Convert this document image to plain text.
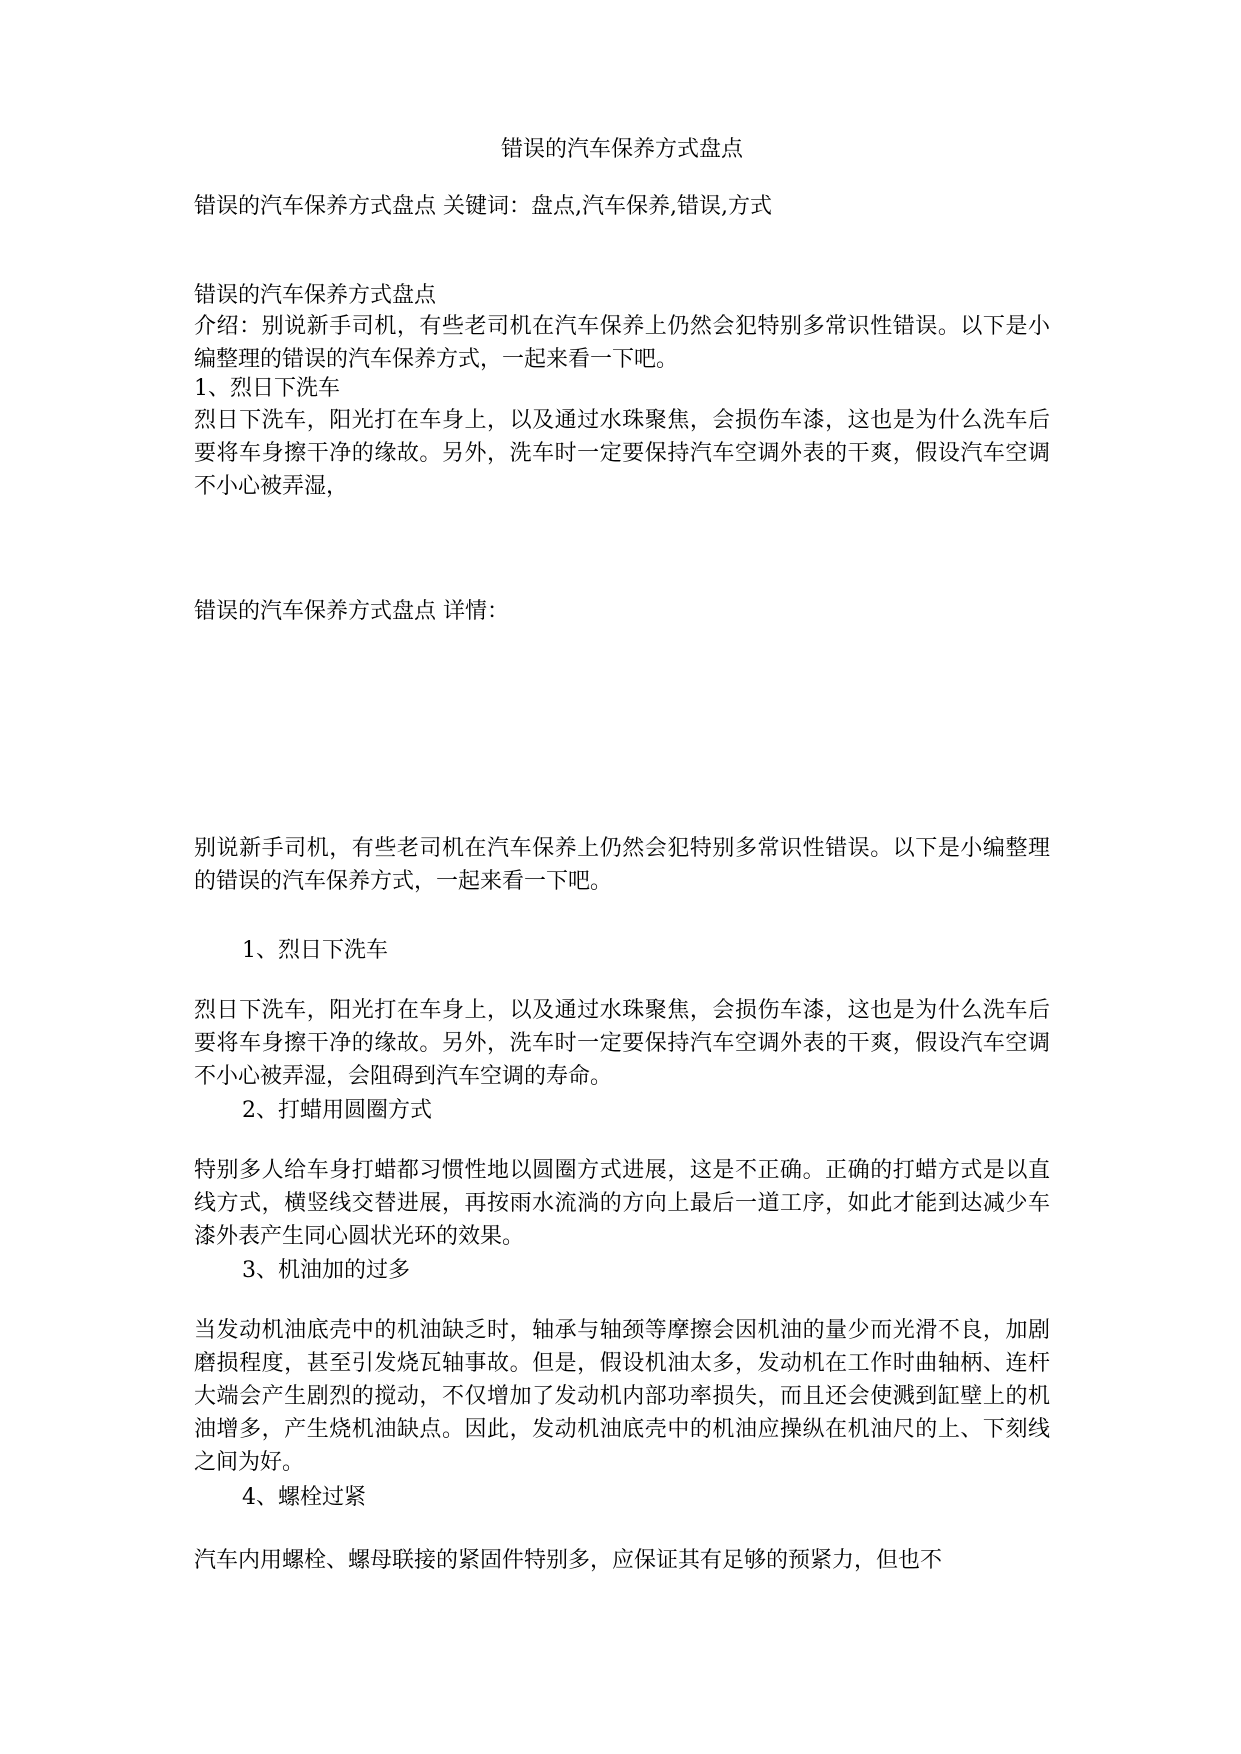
错误的汽车保养方式盘点
错误的汽车保养方式盘点 关键词：盘点,汽车保养,错误,方式
错误的汽车保养方式盘点
介绍：别说新手司机，有些老司机在汽车保养上仍然会犯特别多常识性错误。以下是小编整理的错误的汽车保养方式，一起来看一下吧。
1、烈日下洗车
烈日下洗车，阳光打在车身上，以及通过水珠聚焦，会损伤车漆，这也是为什么洗车后要将车身擦干净的缘故。另外，洗车时一定要保持汽车空调外表的干爽，假设汽车空调不小心被弄湿，
错误的汽车保养方式盘点 详情：
别说新手司机，有些老司机在汽车保养上仍然会犯特别多常识性错误。以下是小编整理的错误的汽车保养方式，一起来看一下吧。
1、烈日下洗车
烈日下洗车，阳光打在车身上，以及通过水珠聚焦，会损伤车漆，这也是为什么洗车后要将车身擦干净的缘故。另外，洗车时一定要保持汽车空调外表的干爽，假设汽车空调不小心被弄湿，会阻碍到汽车空调的寿命。
2、打蜡用圆圈方式
特别多人给车身打蜡都习惯性地以圆圈方式进展，这是不正确。正确的打蜡方式是以直线方式，横竖线交替进展，再按雨水流淌的方向上最后一道工序，如此才能到达减少车漆外表产生同心圆状光环的效果。
3、机油加的过多
当发动机油底壳中的机油缺乏时，轴承与轴颈等摩擦会因机油的量少而光滑不良，加剧磨损程度，甚至引发烧瓦轴事故。但是，假设机油太多，发动机在工作时曲轴柄、连杆大端会产生剧烈的搅动，不仅增加了发动机内部功率损失，而且还会使溅到缸壁上的机油增多，产生烧机油缺点。因此，发动机油底壳中的机油应操纵在机油尺的上、下刻线之间为好。
4、螺栓过紧
汽车内用螺栓、螺母联接的紧固件特别多，应保证其有足够的预紧力，但也不
